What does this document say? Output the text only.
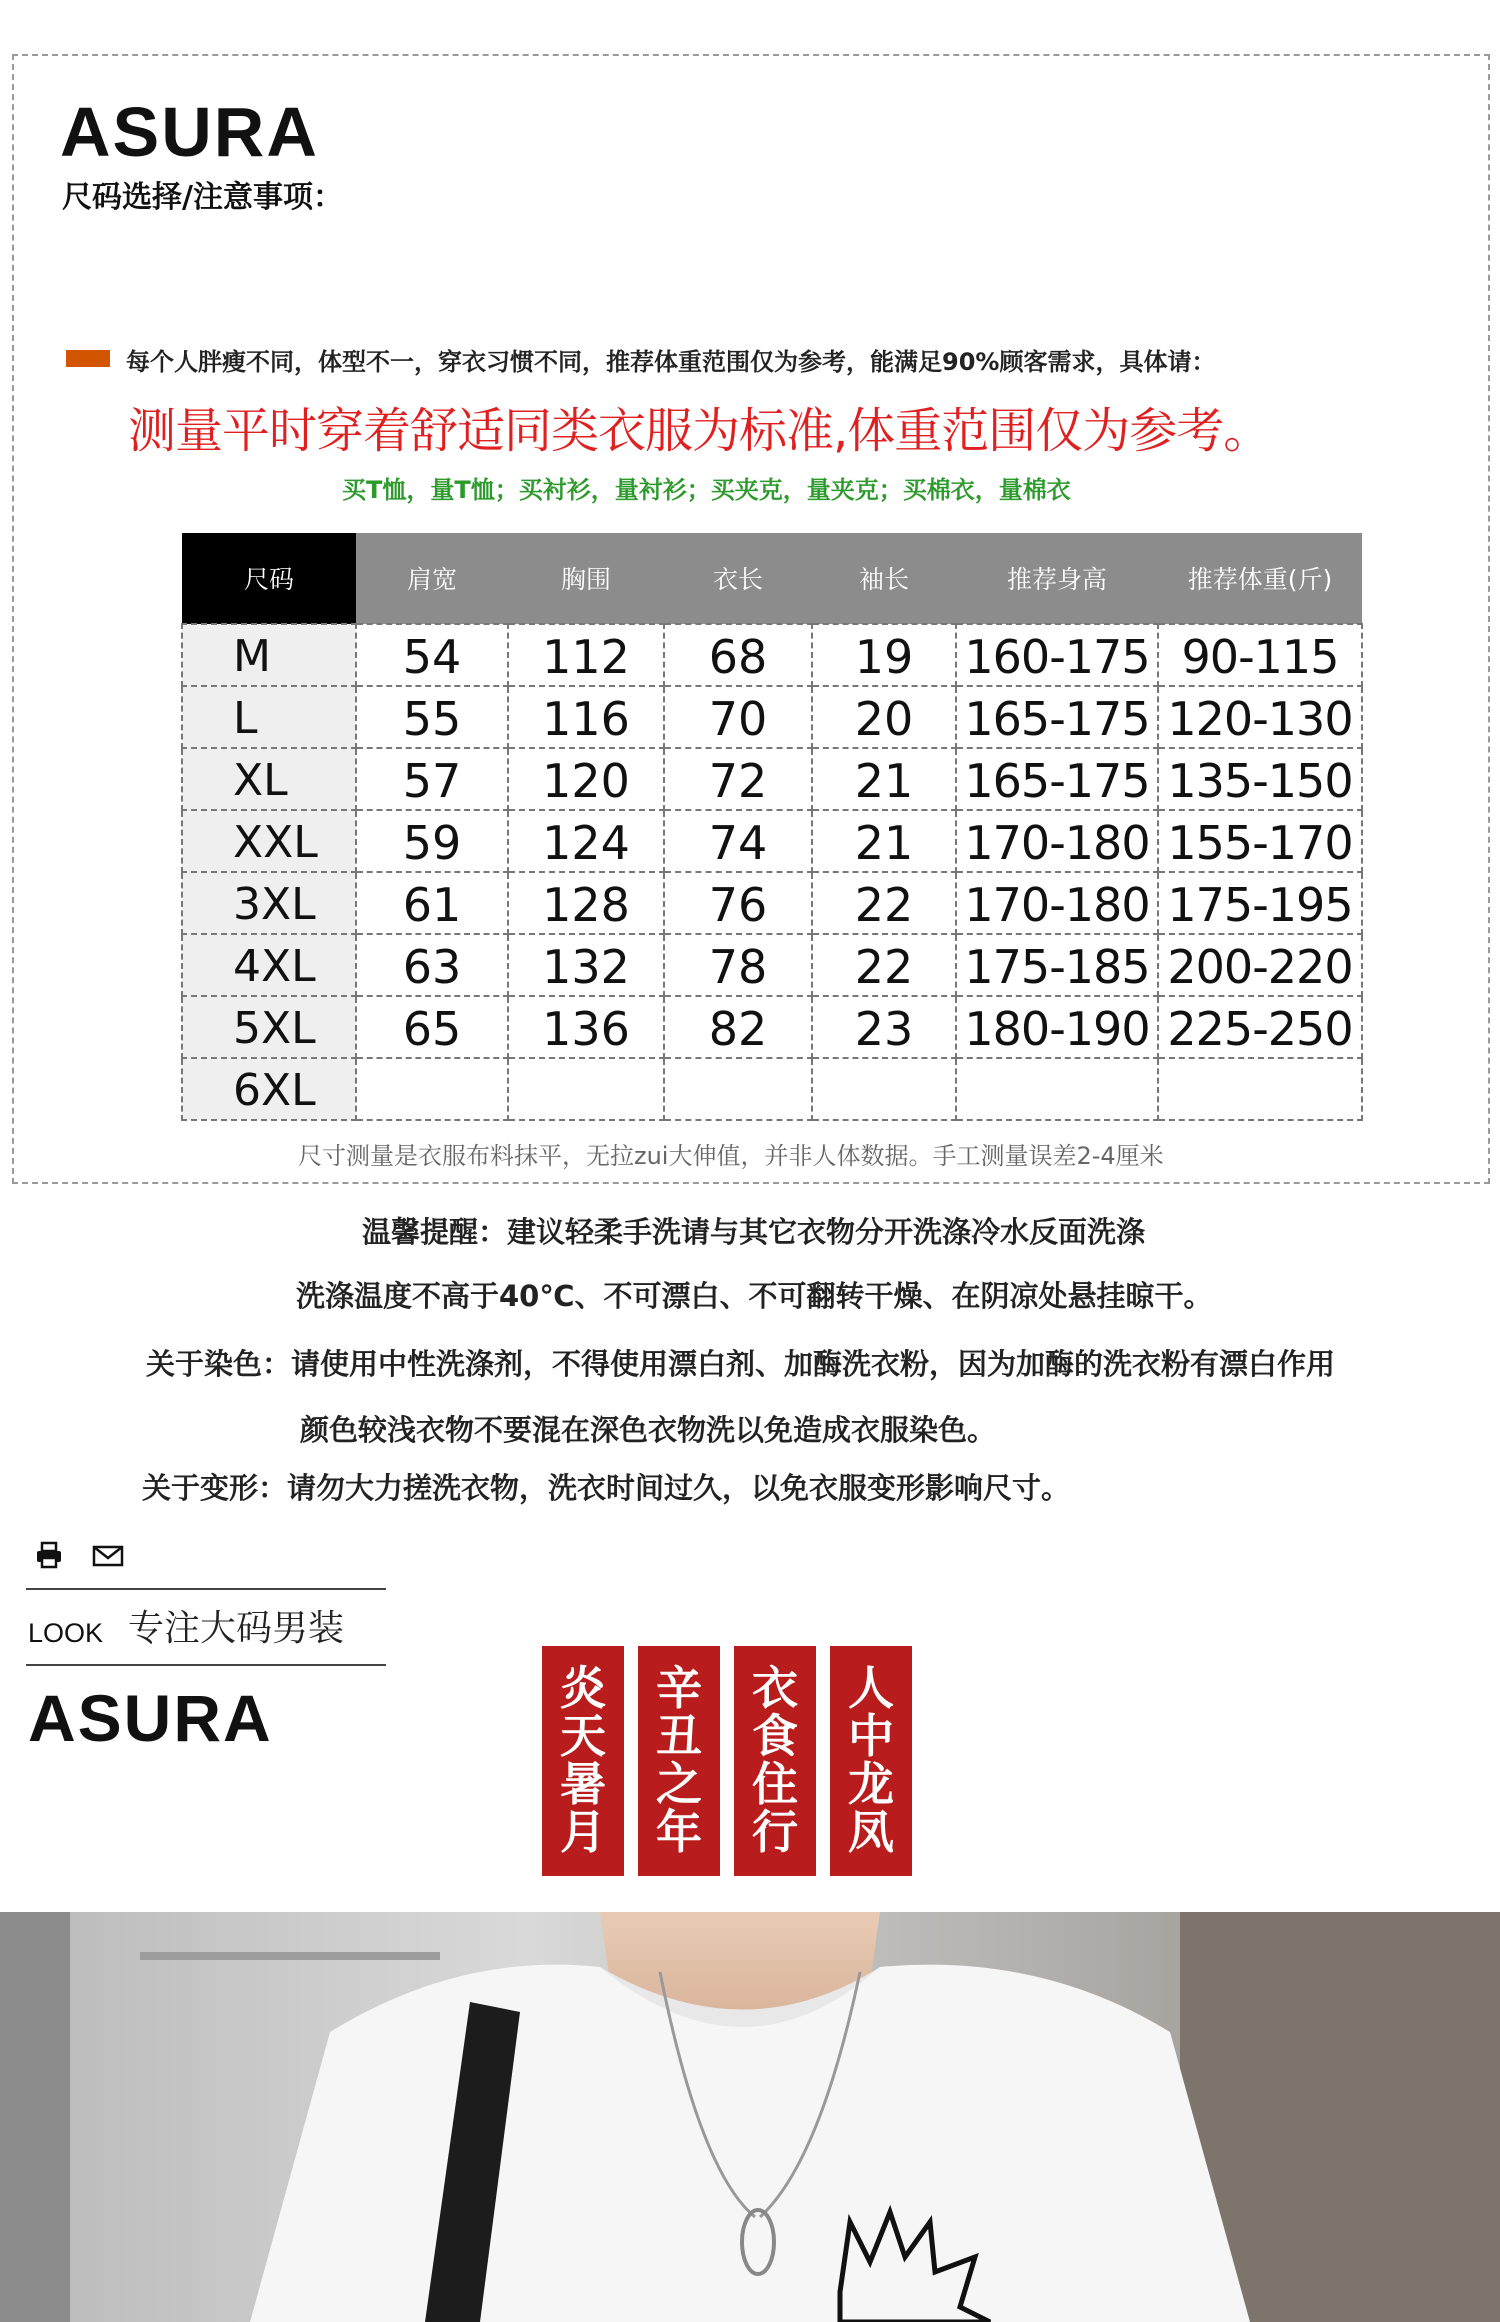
ASURA
尺码选择/注意事项：
每个人胖瘦不同，体型不一，穿衣习惯不同，推荐体重范围仅为参考，能满足90%顾客需求，具体请：
测量平时穿着舒适同类衣服为标准,体重范围仅为参考。
买T恤，量T恤；买衬衫，量衬衫；买夹克，量夹克；买棉衣，量棉衣
尺码	肩宽	胸围	衣长	袖长	推荐身高	推荐体重(斤)
M	54	112	68	19	160-175	90-115
L	55	116	70	20	165-175	120-130
XL	57	120	72	21	165-175	135-150
XXL	59	124	74	21	170-180	155-170
3XL	61	128	76	22	170-180	175-195
4XL	63	132	78	22	175-185	200-220
5XL	65	136	82	23	180-190	225-250
6XL						
尺寸测量是衣服布料抹平，无拉zui大伸值，并非人体数据。手工测量误差2-4厘米
温馨提醒：建议轻柔手洗请与其它衣物分开洗涤冷水反面洗涤
洗涤温度不高于40℃、不可漂白、不可翻转干燥、在阴凉处悬挂晾干。
关于染色：请使用中性洗涤剂，不得使用漂白剂、加酶洗衣粉，因为加酶的洗衣粉有漂白作用
颜色较浅衣物不要混在深色衣物洗以免造成衣服染色。
关于变形：请勿大力搓洗衣物，洗衣时间过久，以免衣服变形影响尺寸。
LOOK 专注大码男装
ASURA	炎
天
暑
月
辛
丑
之
年
衣
食
住
行
人
中
龙
凤
